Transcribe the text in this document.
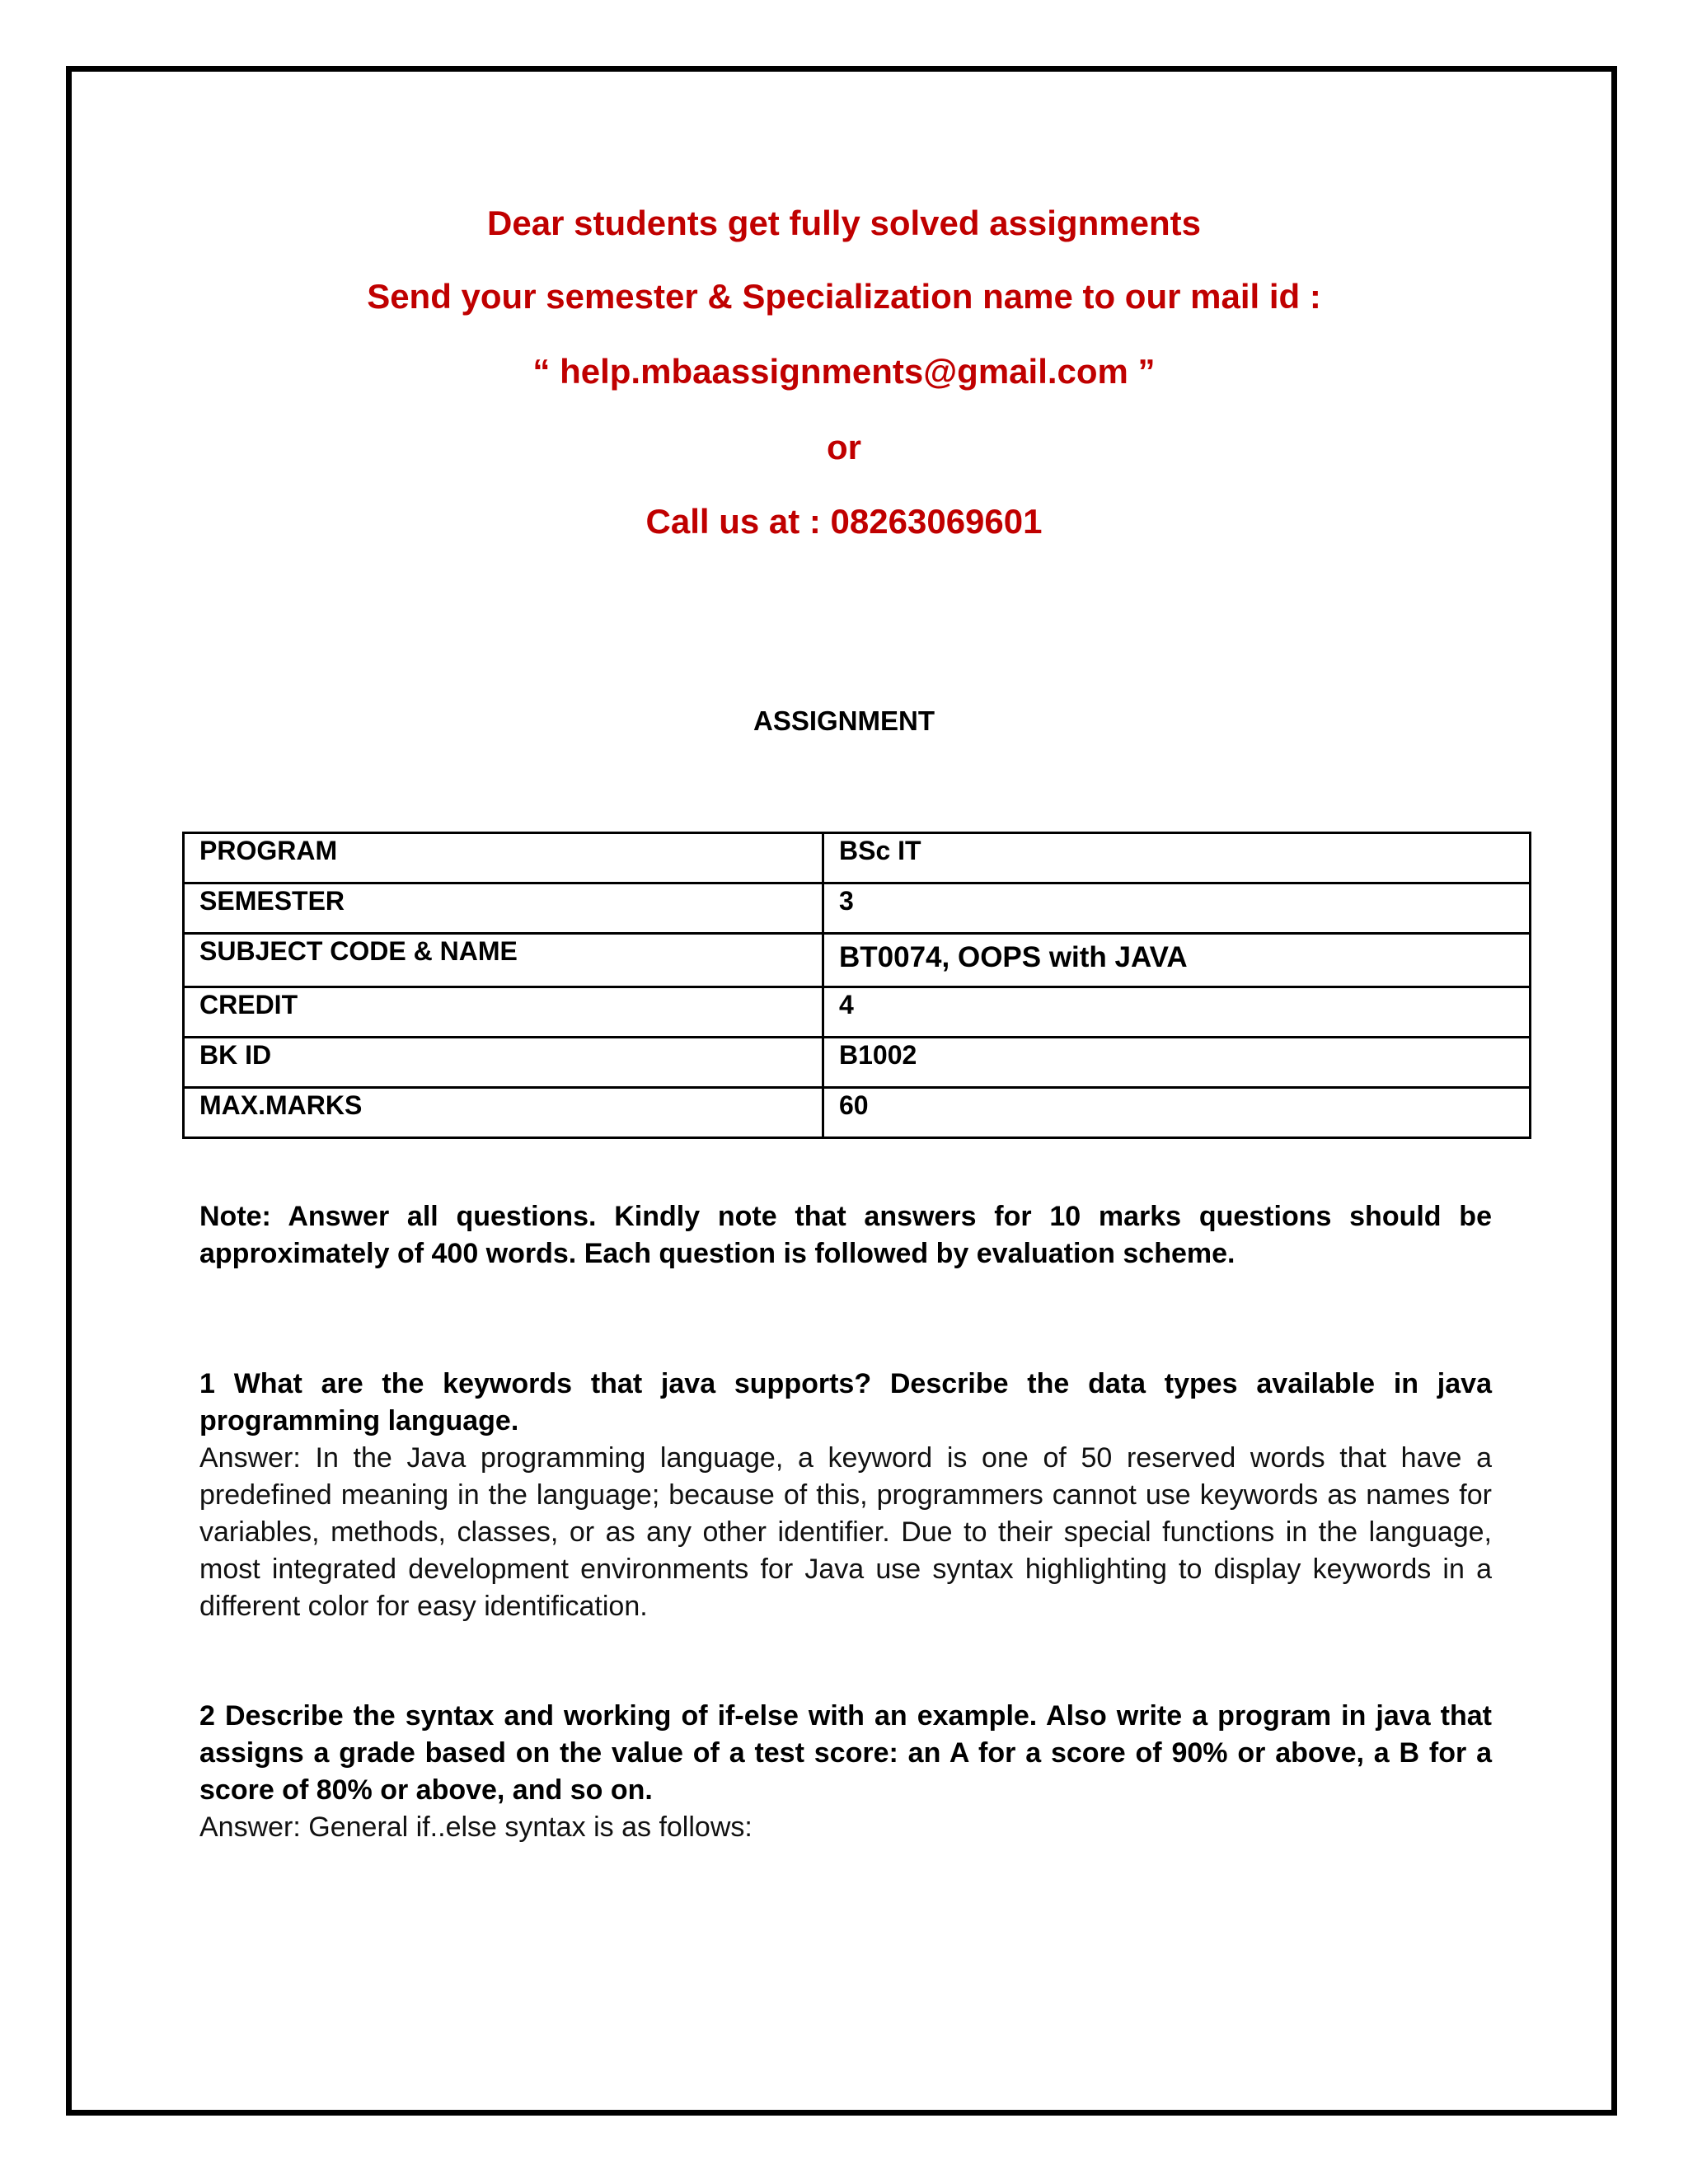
Dear students get fully solved assignments
Send your semester & Specialization name to our mail id :
“ help.mbaassignments@gmail.com ”
or
Call us at : 08263069601
ASSIGNMENT
PROGRAM	BSc IT
SEMESTER	3
SUBJECT CODE & NAME	BT0074, OOPS with JAVA
CREDIT	4
BK ID	B1002
MAX.MARKS	60
Note: Answer all questions. Kindly note that answers for 10 marks questions should be approximately of 400 words. Each question is followed by evaluation scheme.
1 What are the keywords that java supports? Describe the data types available in java programming language.
Answer: In the Java programming language, a keyword is one of 50 reserved words that have a predefined meaning in the language; because of this, programmers cannot use keywords as names for variables, methods, classes, or as any other identifier. Due to their special functions in the language, most integrated development environments for Java use syntax highlighting to display keywords in a different color for easy identification.
2 Describe the syntax and working of if-else with an example. Also write a program in java that assigns a grade based on the value of a test score: an A for a score of 90% or above, a B for a score of 80% or above, and so on.
Answer: General if..else syntax is as follows:
